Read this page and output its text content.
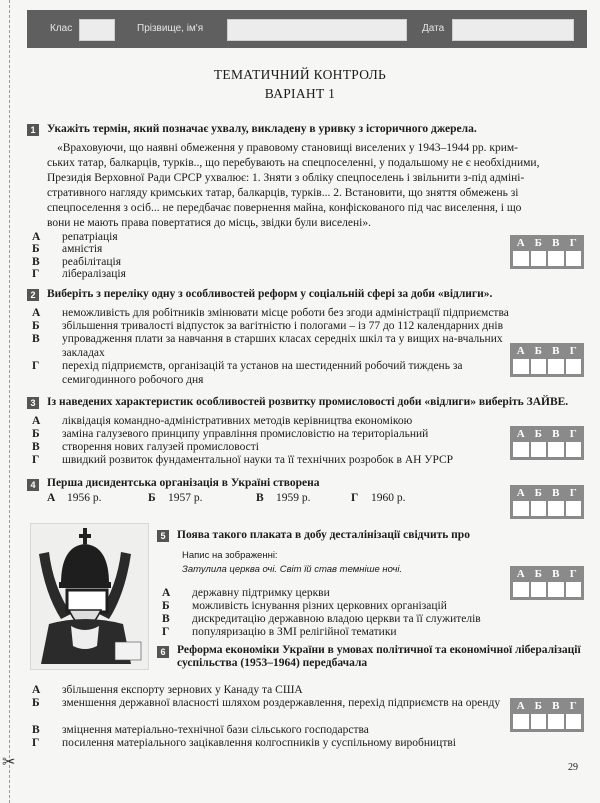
✂
Клас	Прізвище, ім'я	Дата
ТЕМАТИЧНИЙ КОНТРОЛЬ
ВАРІАНТ 1
1	Укажіть термін, який позначає ухвалу, викладену в уривку з історичного джерела.
«Враховуючи, що наявні обмеження у правовому становищі виселених у 1943–1944 рр. крим-
ських татар, балкарців, турків.., що перебувають на спецпоселенні, у подальшому не є необхідними,
Президія Верховної Ради СРСР ухвалює: 1. Зняти з обліку спецпоселень і звільнити з-під адміні-
стративного нагляду кримських татар, балкарців, турків... 2. Встановити, що зняття обмежень зі
спецпоселення з осіб... не передбачає повернення майна, конфіскованого під час виселення, і що
вони не мають права повертатися до місць, звідки були виселені».
А репатріація
Б амністія
В реабілітація
Г лібералізація
А Б В Г
2	Виберіть з переліку одну з особливостей реформ у соціальній сфері за доби «відлиги».
А неможливість для робітників змінювати місце роботи без згоди адміністрації підприємства
Б збільшення тривалості відпусток за вагітністю і пологами – із 77 до 112 календарних днів
В упровадження плати за навчання в старших класах середніх шкіл та у вищих на-вчальних закладах
Г перехід підприємств, організацій та установ на шестиденний робочий тиждень за семигодинного робочого дня
А Б В Г
3	Із наведених характеристик особливостей розвитку промисловості доби «відлиги» виберіть ЗАЙВЕ.
А ліквідація командно-адміністративних методів керівництва економікою
Б заміна галузевого принципу управління промисловістю на територіальний
В створення нових галузей промисловості
Г швидкий розвиток фундаментальної науки та її технічних розробок в АН УРСР
А Б В Г
4	Перша дисидентська організація в Україні створена
А 1956 р.	Б 1957 р.	В 1959 р.	Г 1960 р.	А Б В Г
5	Поява такого плаката в добу десталінізації свідчить про
Напис на зображенні:
Затулила церква очі. Світ їй став темніше ночі.
А державну підтримку церкви
Б можливість існування різних церковних організацій
В дискредитацію державною владою церкви та її служителів
Г популяризацію в ЗМІ релігійної тематики
А Б В Г
6	Реформа економіки України в умовах політичної та економічної лібералізації суспільства (1953–1964) передбачала
А збільшення експорту зернових у Канаду та США
Б зменшення державної власності шляхом роздержавлення, перехід підприємств на оренду
В зміцнення матеріально-технічної бази сільського господарства
Г посилення матеріального зацікавлення колгоспників у суспільному виробництві
А Б В Г
29
